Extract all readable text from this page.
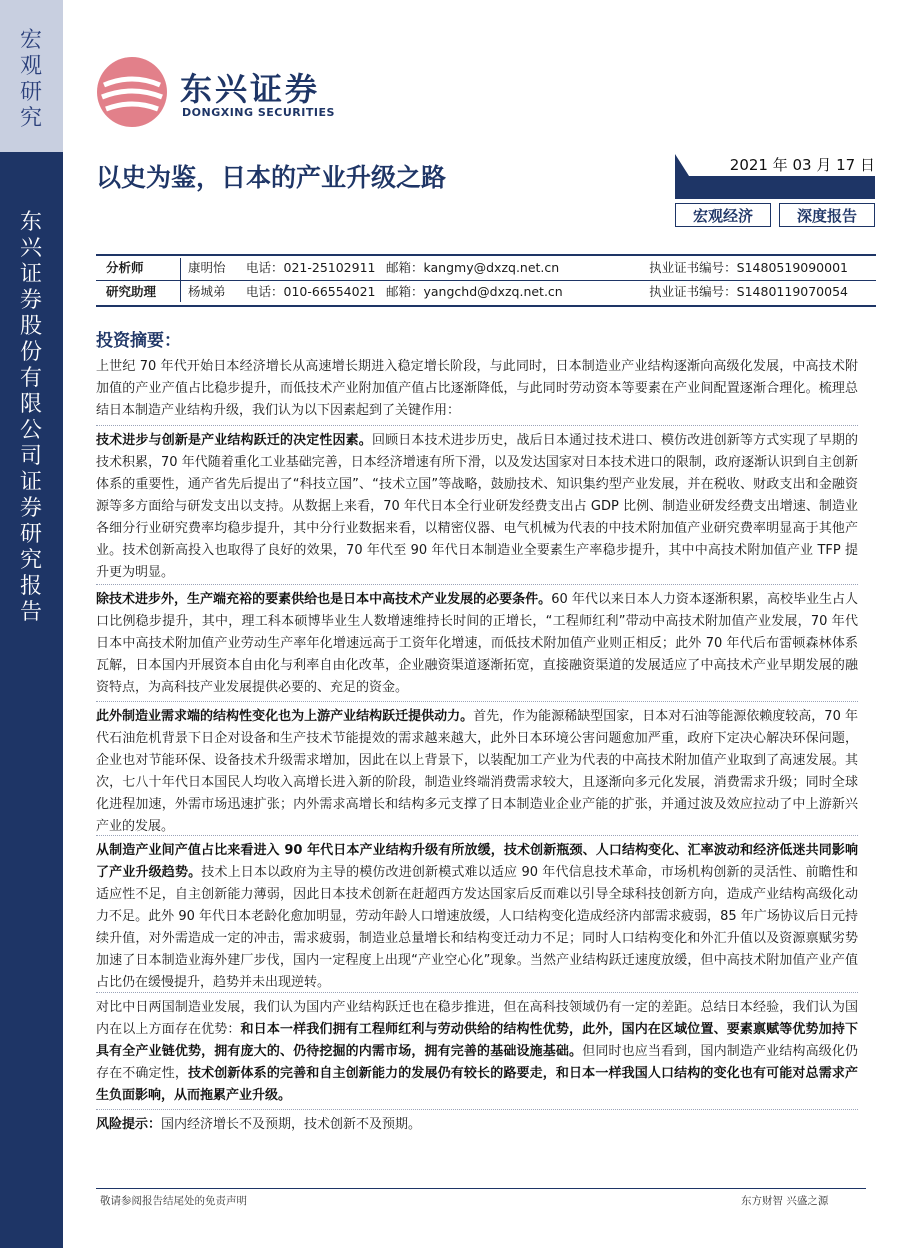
宏观研究
东兴证券股份有限公司证券研究报告
东兴证券
DONGXING SECURITIES
以史为鉴，日本的产业升级之路	2021 年 03 月 17 日
宏观经济	深度报告
分析师	康明怡 电话：021-25102911 邮箱：kangmy@dxzq.net.cn	执业证书编号：S1480519090001
研究助理	杨城弟 电话：010-66554021 邮箱：yangchd@dxzq.net.cn	执业证书编号：S1480119070054
投资摘要：
上世纪 70 年代开始日本经济增长从高速增长期进入稳定增长阶段，与此同时，日本制造业产业结构逐渐向高级化发展，中高技术附加值的产业产值占比稳步提升，而低技术产业附加值产值占比逐渐降低，与此同时劳动资本等要素在产业间配置逐渐合理化。梳理总结日本制造产业结构升级，我们认为以下因素起到了关键作用：
技术进步与创新是产业结构跃迁的决定性因素。回顾日本技术进步历史，战后日本通过技术进口、模仿改进创新等方式实现了早期的技术积累，70 年代随着重化工业基础完善，日本经济增速有所下滑，以及发达国家对日本技术进口的限制，政府逐渐认识到自主创新体系的重要性，通产省先后提出了“科技立国”、“技术立国”等战略，鼓励技术、知识集约型产业发展，并在税收、财政支出和金融资源等多方面给与研发支出以支持。从数据上来看，70 年代日本全行业研发经费支出占 GDP 比例、制造业研发经费支出增速、制造业各细分行业研究费率均稳步提升，其中分行业数据来看，以精密仪器、电气机械为代表的中技术附加值产业研究费率明显高于其他产业。技术创新高投入也取得了良好的效果，70 年代至 90 年代日本制造业全要素生产率稳步提升，其中中高技术附加值产业 TFP 提升更为明显。
除技术进步外，生产端充裕的要素供给也是日本中高技术产业发展的必要条件。60 年代以来日本人力资本逐渐积累，高校毕业生占人口比例稳步提升，其中，理工科本硕博毕业生人数增速维持长时间的正增长，“工程师红利”带动中高技术附加值产业发展，70 年代日本中高技术附加值产业劳动生产率年化增速远高于工资年化增速，而低技术附加值产业则正相反；此外 70 年代后布雷顿森林体系瓦解，日本国内开展资本自由化与利率自由化改革，企业融资渠道逐渐拓宽，直接融资渠道的发展适应了中高技术产业早期发展的融资特点，为高科技产业发展提供必要的、充足的资金。
此外制造业需求端的结构性变化也为上游产业结构跃迁提供动力。首先，作为能源稀缺型国家，日本对石油等能源依赖度较高，70 年代石油危机背景下日企对设备和生产技术节能提效的需求越来越大，此外日本环境公害问题愈加严重，政府下定决心解决环保问题，企业也对节能环保、设备技术升级需求增加，因此在以上背景下，以装配加工产业为代表的中高技术附加值产业取到了高速发展。其次，七八十年代日本国民人均收入高增长进入新的阶段，制造业终端消费需求较大，且逐渐向多元化发展，消费需求升级；同时全球化进程加速，外需市场迅速扩张；内外需求高增长和结构多元支撑了日本制造业企业产能的扩张，并通过波及效应拉动了中上游新兴产业的发展。
从制造产业间产值占比来看进入 90 年代日本产业结构升级有所放缓，技术创新瓶颈、人口结构变化、汇率波动和经济低迷共同影响了产业升级趋势。技术上日本以政府为主导的模仿改进创新模式难以适应 90 年代信息技术革命，市场机构创新的灵活性、前瞻性和适应性不足，自主创新能力薄弱，因此日本技术创新在赶超西方发达国家后反而难以引导全球科技创新方向，造成产业结构高级化动力不足。此外 90 年代日本老龄化愈加明显，劳动年龄人口增速放缓，人口结构变化造成经济内部需求疲弱，85 年广场协议后日元持续升值，对外需造成一定的冲击，需求疲弱，制造业总量增长和结构变迁动力不足；同时人口结构变化和外汇升值以及资源禀赋劣势加速了日本制造业海外建厂步伐，国内一定程度上出现“产业空心化”现象。当然产业结构跃迁速度放缓，但中高技术附加值产业产值占比仍在缓慢提升，趋势并未出现逆转。
对比中日两国制造业发展，我们认为国内产业结构跃迁也在稳步推进，但在高科技领域仍有一定的差距。总结日本经验，我们认为国内在以上方面存在优势：和日本一样我们拥有工程师红利与劳动供给的结构性优势，此外，国内在区域位置、要素禀赋等优势加持下具有全产业链优势，拥有庞大的、仍待挖掘的内需市场，拥有完善的基础设施基础。但同时也应当看到，国内制造产业结构高级化仍存在不确定性，技术创新体系的完善和自主创新能力的发展仍有较长的路要走，和日本一样我国人口结构的变化也有可能对总需求产生负面影响，从而拖累产业升级。
风险提示：国内经济增长不及预期，技术创新不及预期。
敬请参阅报告结尾处的免责声明	东方财智 兴盛之源
